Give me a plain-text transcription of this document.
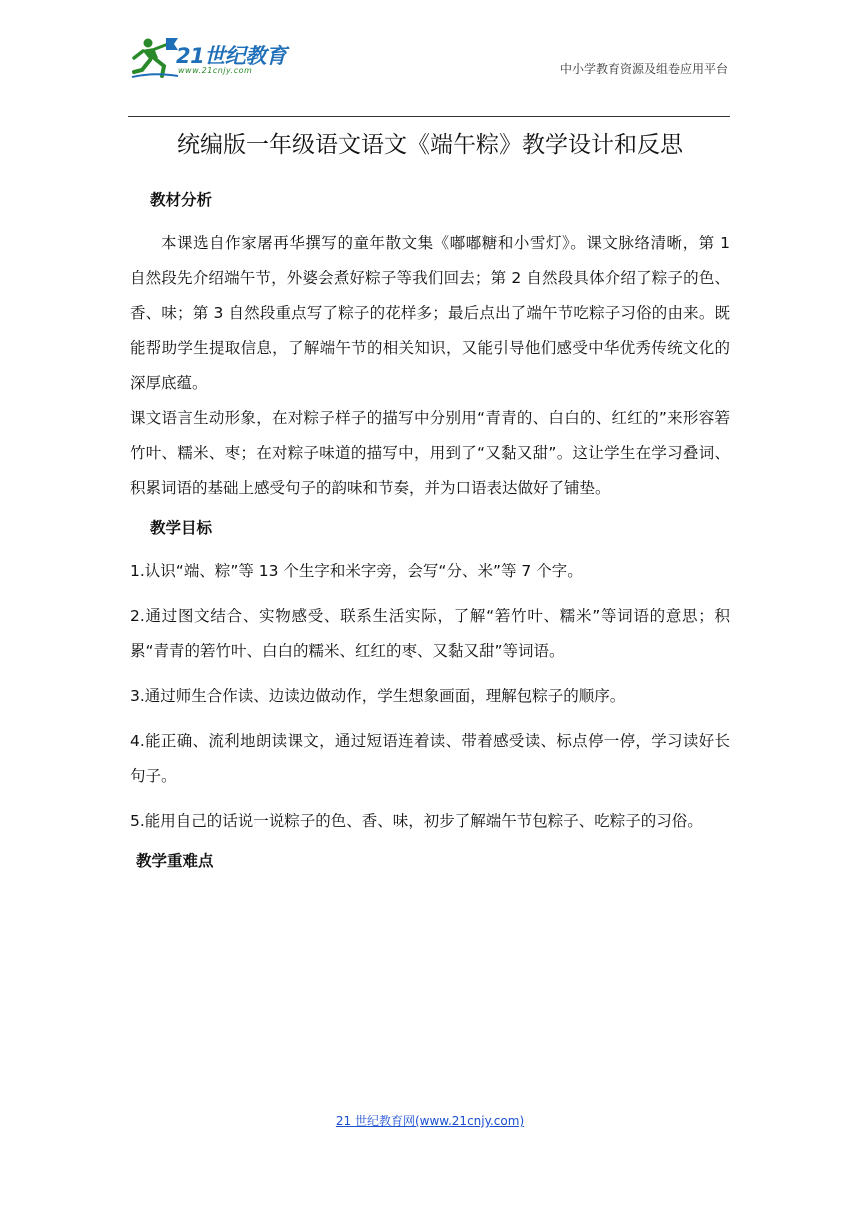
21世纪教育
www.21cnjy.com	中小学教育资源及组卷应用平台
统编版一年级语文语文《端午粽》教学设计和反思
教材分析

本课选自作家屠再华撰写的童年散文集《嘟嘟糖和小雪灯》。课文脉络清晰，第 1 自然段先介绍端午节，外婆会煮好粽子等我们回去；第 2 自然段具体介绍了粽子的色、香、味；第 3 自然段重点写了粽子的花样多；最后点出了端午节吃粽子习俗的由来。既能帮助学生提取信息，了解端午节的相关知识，又能引导他们感受中华优秀传统文化的深厚底蕴。

课文语言生动形象，在对粽子样子的描写中分别用“青青的、白白的、红红的”来形容箬竹叶、糯米、枣；在对粽子味道的描写中，用到了“又黏又甜”。这让学生在学习叠词、积累词语的基础上感受句子的韵味和节奏，并为口语表达做好了铺垫。

教学目标

1.认识“端、粽”等 13 个生字和米字旁，会写“分、米”等 7 个字。

2.通过图文结合、实物感受、联系生活实际，了解“箬竹叶、糯米”等词语的意思；积累“青青的箬竹叶、白白的糯米、红红的枣、又黏又甜”等词语。

3.通过师生合作读、边读边做动作，学生想象画面，理解包粽子的顺序。

4.能正确、流利地朗读课文，通过短语连着读、带着感受读、标点停一停，学习读好长句子。

5.能用自己的话说一说粽子的色、香、味，初步了解端午节包粽子、吃粽子的习俗。

教学重难点
21 世纪教育网(www.21cnjy.com)
